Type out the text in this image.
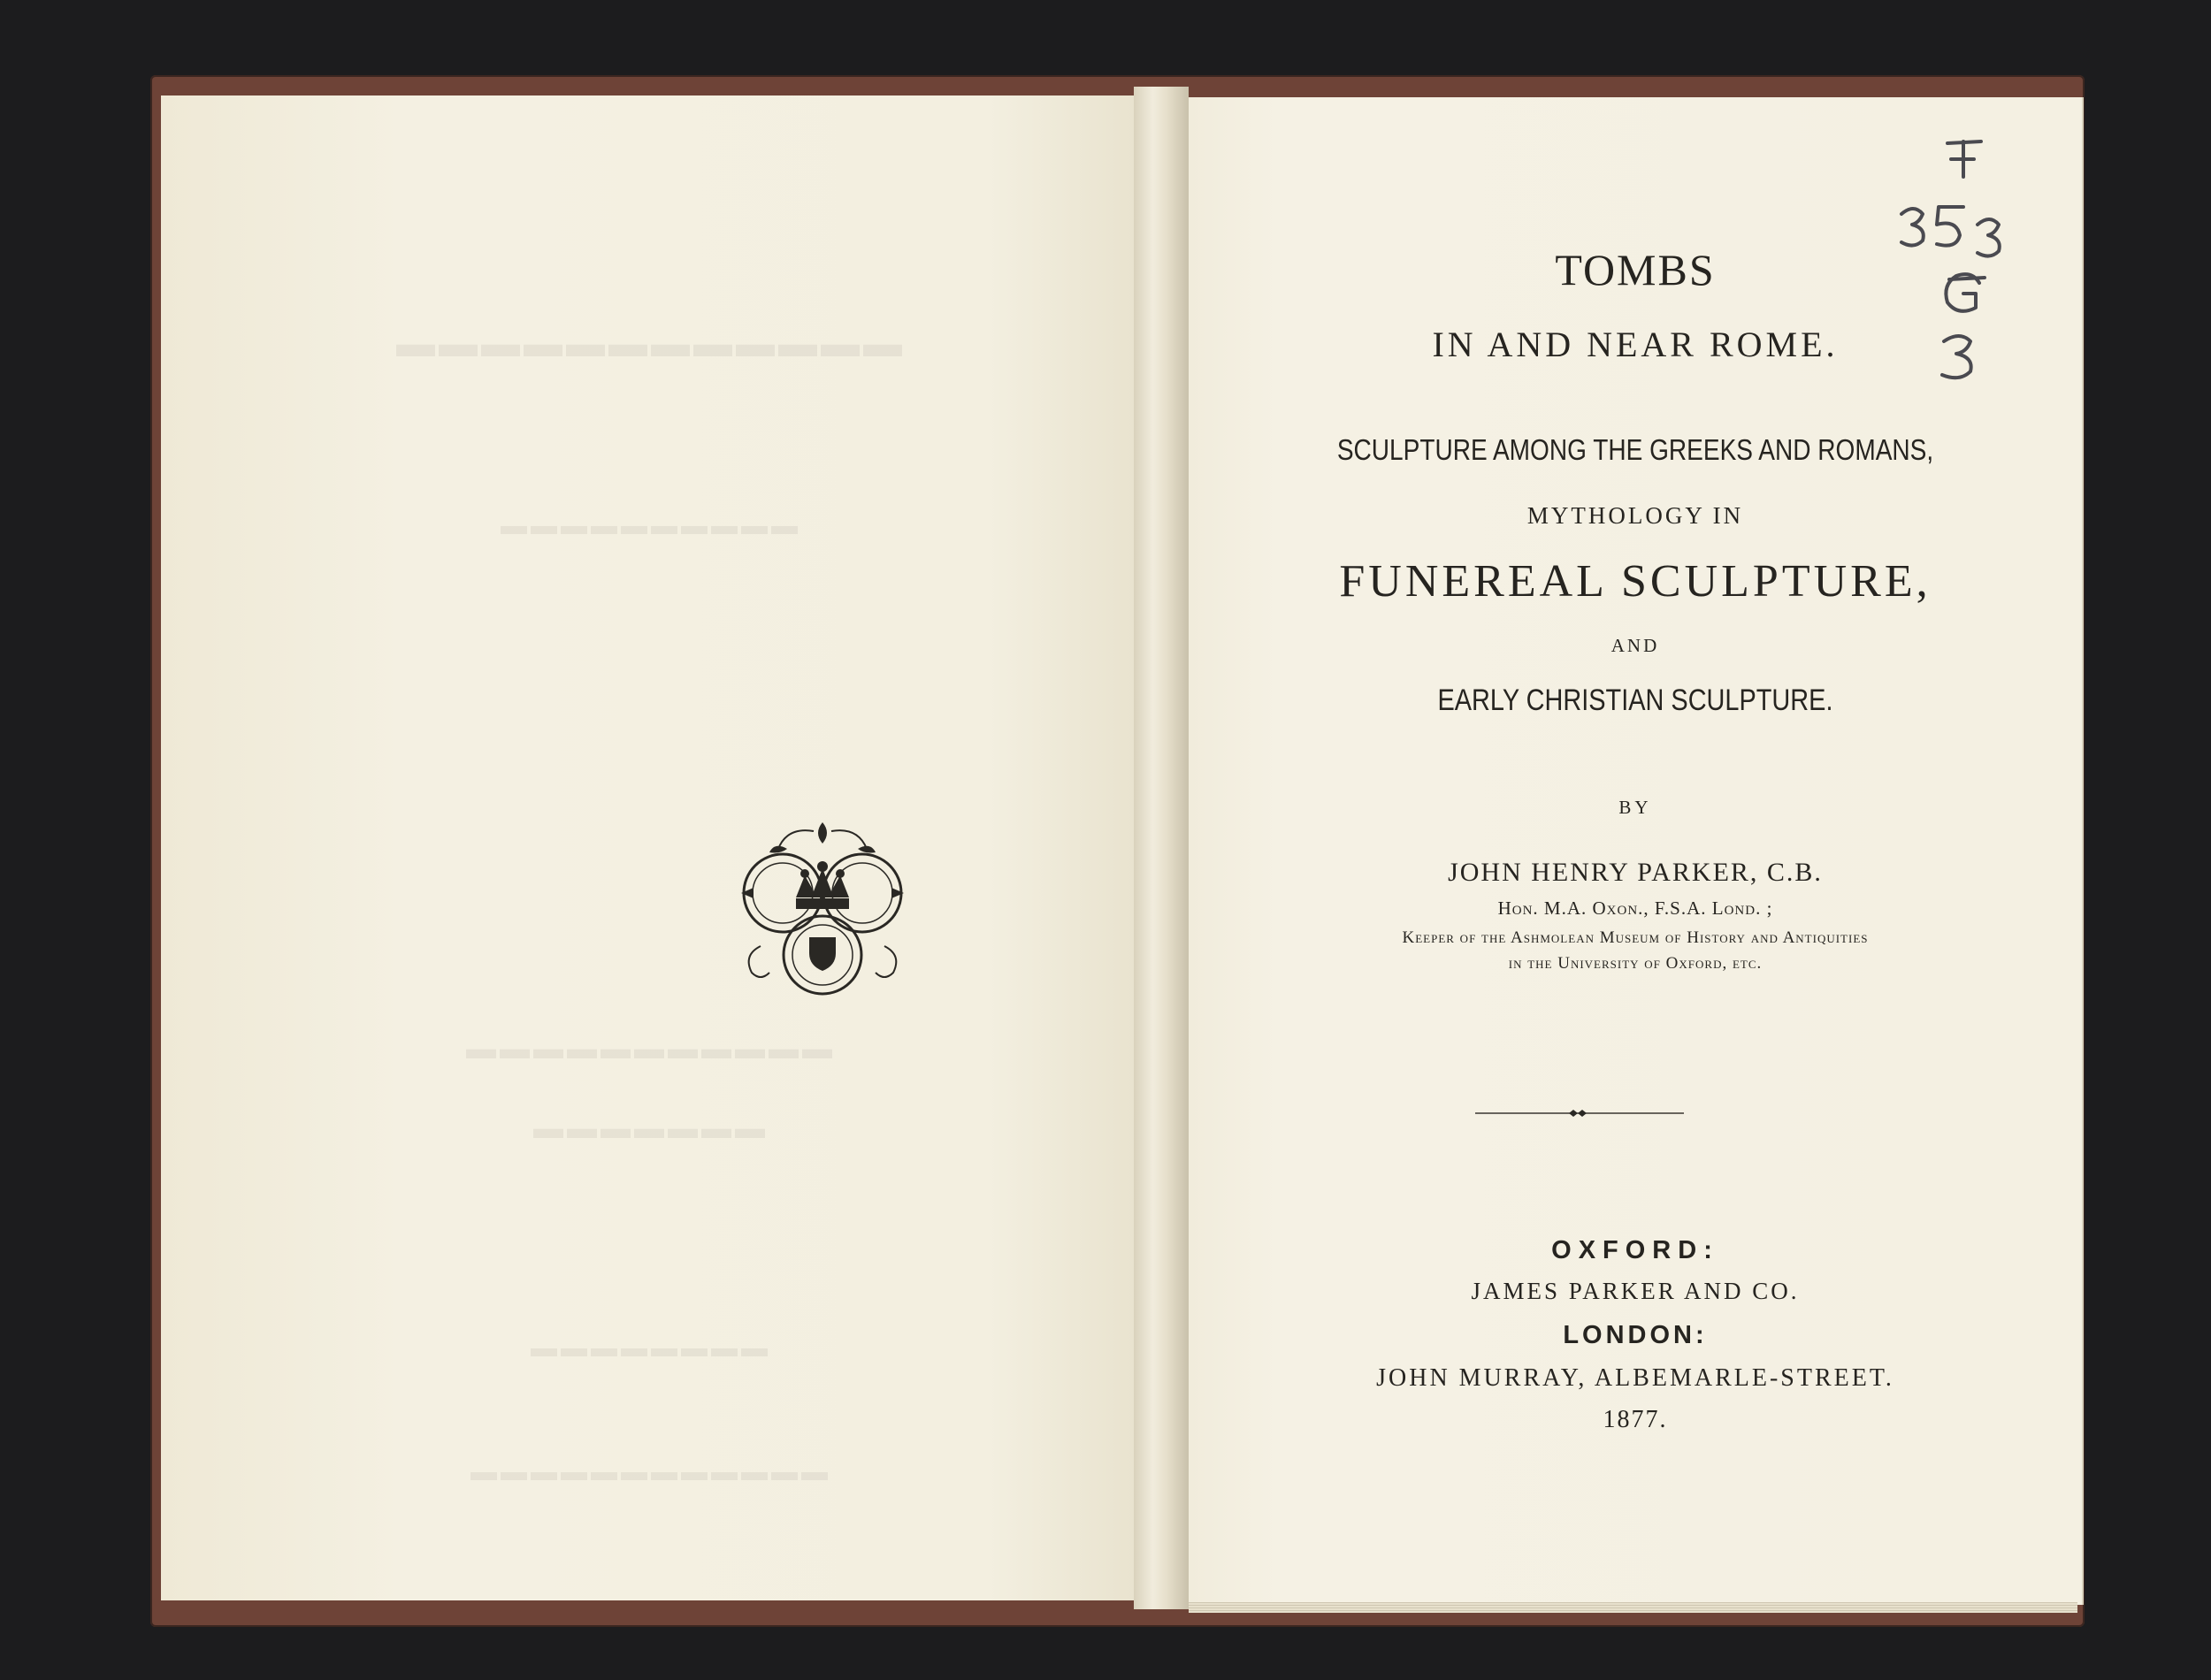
▬▬▬▬▬▬▬▬▬▬▬▬
▬▬▬▬▬▬▬▬▬▬
▬▬▬▬▬▬▬▬▬▬▬
▬▬▬▬▬▬▬
▬▬▬▬▬▬▬▬
▬▬▬▬▬▬▬▬▬▬▬▬
TOMBS
IN AND NEAR ROME.
SCULPTURE AMONG THE GREEKS AND ROMANS,
MYTHOLOGY IN
FUNEREAL SCULPTURE,
AND
EARLY CHRISTIAN SCULPTURE.
BY
JOHN HENRY PARKER, C.B.
Hon. M.A. Oxon., F.S.A. Lond. ;
Keeper of the Ashmolean Museum of History and Antiquities
in the University of Oxford, etc.
OXFORD:
JAMES PARKER AND CO.
LONDON:
JOHN MURRAY, ALBEMARLE-STREET.
1877.
